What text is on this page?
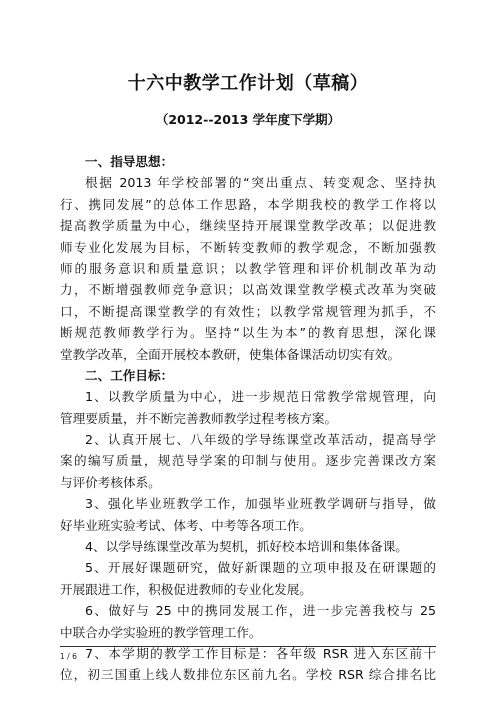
十六中教学工作计划（草稿）
（2012--2013 学年度下学期）
一、指导思想：
根据 2013 年学校部署的“突出重点、转变观念、坚持执
行、携同发展”的总体工作思路，本学期我校的教学工作将以
提高教学质量为中心，继续坚持开展课堂教学改革；以促进教
师专业化发展为目标，不断转变教师的教学观念，不断加强教
师的服务意识和质量意识；以教学管理和评价机制改革为动
力，不断增强教师竞争意识；以高效课堂教学模式改革为突破
口，不断提高课堂教学的有效性；以教学常规管理为抓手，不
断规范教师教学行为。坚持“以生为本”的教育思想，深化课
堂教学改革，全面开展校本教研，使集体备课活动切实有效。
二、工作目标：
1、以教学质量为中心，进一步规范日常教学常规管理，向
管理要质量，并不断完善教师教学过程考核方案。
2、认真开展七、八年级的学导练课堂改革活动，提高导学
案的编写质量，规范导学案的印制与使用。逐步完善课改方案
与评价考核体系。
3、强化毕业班教学工作，加强毕业班教学调研与指导，做
好毕业班实验考试、体考、中考等各项工作。
4、以学导练课堂改革为契机，抓好校本培训和集体备课。
5、开展好课题研究，做好新课题的立项申报及在研课题的
开展跟进工作，积极促进教师的专业化发展。
6、做好与 25 中的携同发展工作，进一步完善我校与 25
中联合办学实验班的教学管理工作。
7、本学期的教学工作目标是：各年级 RSR 进入东区前十
位，初三国重上线人数排位东区前九名。学校 RSR 综合排名比
1 / 6
